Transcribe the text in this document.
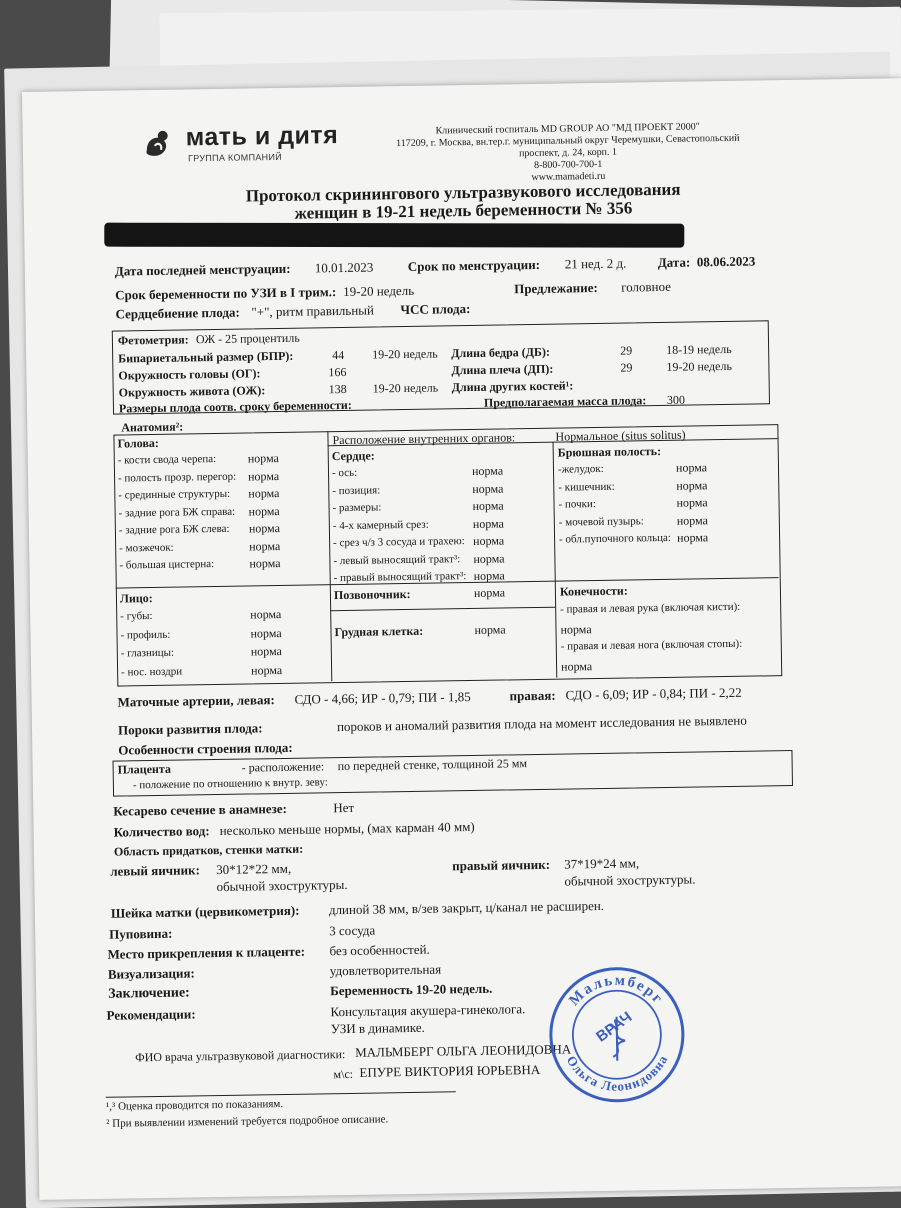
мать и дитя
ГРУППА КОМПАНИЙ
Клинический госпиталь MD GROUP АО "МД ПРОЕКТ 2000"
117209, г. Москва, вн.тер.г. муниципальный округ Черемушки, Севастопольский
проспект, д. 24, корп. 1
8-800-700-700-1
www.mamadeti.ru
Протокол скринингового ультразвукового исследования
женщин в 19-21 недель беременности № 356
Дата последней менструации: 10.01.2023	Срок по менструации: 21 нед. 2 д. Дата: 08.06.2023
Срок беременности по УЗИ в I трим.: 19-20 недель	Предлежание: головное
Сердцебиение плода: "+", ритм правильный ЧСС плода:
Фетометрия: ОЖ - 25 процентиль
Бипариетальный размер (БПР):	44 19-20 недель
Окружность головы (ОГ):	166
Окружность живота (ОЖ):	138 19-20 недель
Длина бедра (ДБ):	29	18-19 недель
Длина плеча (ДП):	29	19-20 недель
Длина других костей¹:
Размеры плода соотв. сроку беременности:	Предполагаемая масса плода: 300
Анатомия²:
Голова:
- кости свода черепа:	норма
- полость прозр. перегор: норма
- срединные структуры: норма
- задние рога БЖ справа: норма
- задние рога БЖ слева: норма
- мозжечок:	норма
- большая цистерна:	норма
Расположение внутренних органов:	Нормальное (situs solitus)
Сердце:
- ось:	норма
- позиция:	норма
- размеры:	норма
- 4-х камерный срез:	норма
- срез ч/з 3 сосуда и трахею: норма
- левый выносящий тракт³: норма
- правый выносящий тракт³: норма
Брюшная полость:
-желудок:	норма
- кишечник:	норма
- почки:	норма
- мочевой пузырь:	норма
- обл.пупочного кольца: норма
Лицо:
- губы:	норма
- профиль:	норма
- глазницы:	норма
- нос. ноздри	норма
Позвоночник:	норма
Грудная клетка:	норма
Конечности:
- правая и левая рука (включая кисти):
норма
- правая и левая нога (включая стопы):
норма
Маточные артерии, левая: СДО - 4,66; ИР - 0,79; ПИ - 1,85	правая: СДО - 6,09; ИР - 0,84; ПИ - 2,22
Пороки развития плода:	пороков и аномалий развития плода на момент исследования не выявлено
Особенности строения плода:
Плацента	- расположение: по передней стенке, толщиной 25 мм
- положение по отношению к внутр. зеву:
Кесарево сечение в анамнезе:	Нет
Количество вод: несколько меньше нормы, (мах карман 40 мм)
Область придатков, стенки матки:
левый яичник: 30*12*22 мм,
обычной эхоструктуры.
правый яичник: 37*19*24 мм,
обычной эхоструктуры.
Шейка матки (цервикометрия): длиной 38 мм, в/зев закрыт, ц/канал не расширен.
Пуповина:	3 сосуда
Место прикрепления к плаценте: без особенностей.
Визуализация:	удовлетворительная
Заключение:	Беременность 19-20 недель.
Рекомендации:	Консультация акушера-гинеколога.
УЗИ в динамике.
ФИО врача ультразвуковой диагностики: МАЛЬМБЕРГ ОЛЬГА ЛЕОНИДОВНА
м\с: ЕПУРЕ ВИКТОРИЯ ЮРЬЕВНА
¹,³ Оценка проводится по показаниям.
² При выявлении изменений требуется подробное описание.
Мальмберг
Ольга Леонидовна
ВРАЧ
